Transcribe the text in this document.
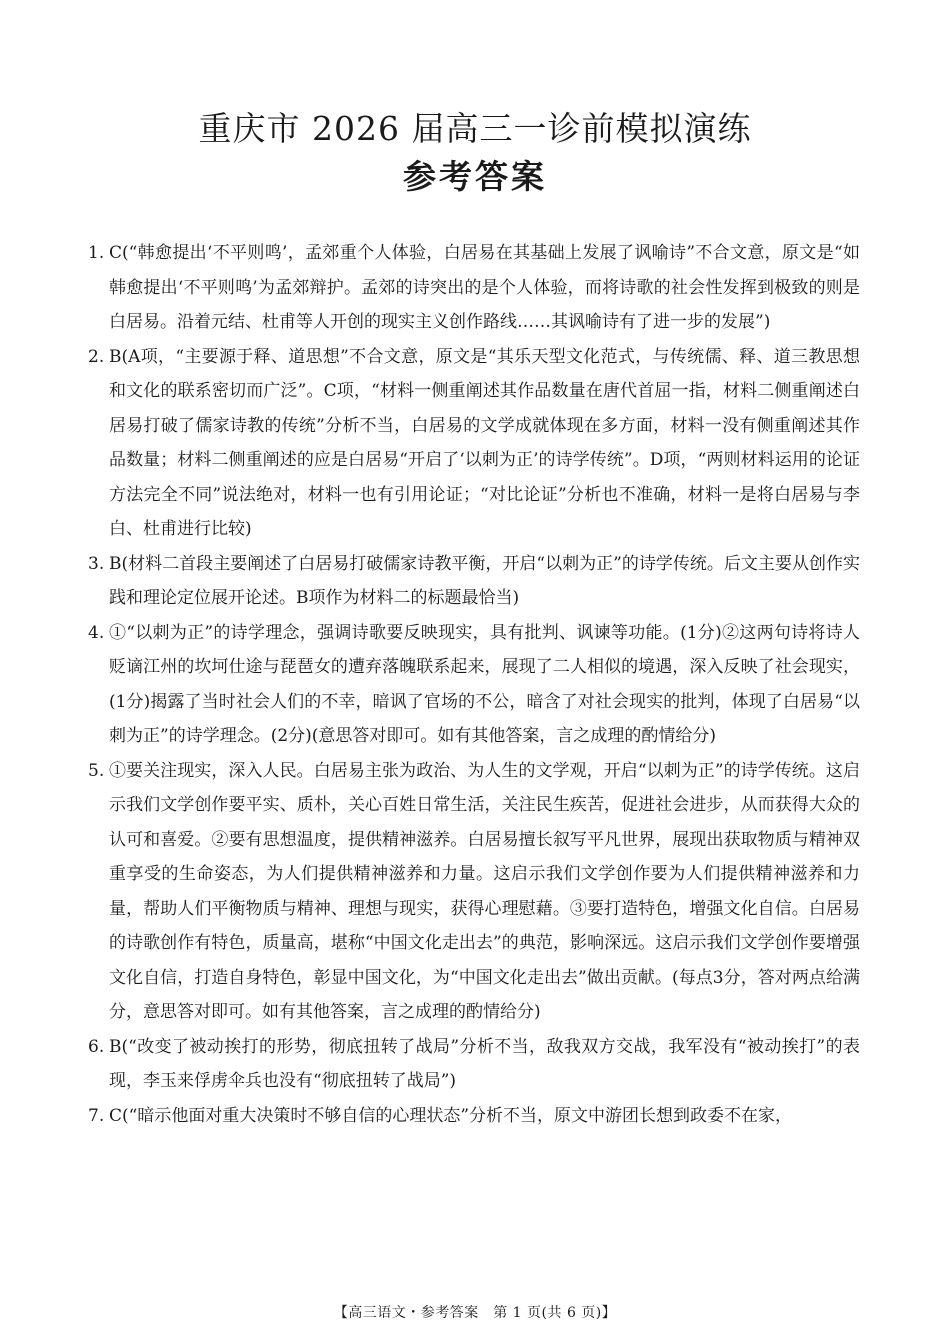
重庆市 2026 届高三一诊前模拟演练
参考答案
1. C(“韩愈提出‘不平则鸣’，孟郊重个人体验，白居易在其基础上发展了讽喻诗”不合文意，原文是“如韩愈提出‘不平则鸣’为孟郊辩护。孟郊的诗突出的是个人体验，而将诗歌的社会性发挥到极致的则是白居易。沿着元结、杜甫等人开创的现实主义创作路线……其讽喻诗有了进一步的发展”)
2. B(A项，“主要源于释、道思想”不合文意，原文是“其乐天型文化范式，与传统儒、释、道三教思想和文化的联系密切而广泛”。C项，“材料一侧重阐述其作品数量在唐代首屈一指，材料二侧重阐述白居易打破了儒家诗教的传统”分析不当，白居易的文学成就体现在多方面，材料一没有侧重阐述其作品数量；材料二侧重阐述的应是白居易“开启了‘以刺为正’的诗学传统”。D项，“两则材料运用的论证方法完全不同”说法绝对，材料一也有引用论证；“对比论证”分析也不准确，材料一是将白居易与李白、杜甫进行比较)
3. B(材料二首段主要阐述了白居易打破儒家诗教平衡，开启“以刺为正”的诗学传统。后文主要从创作实践和理论定位展开论述。B项作为材料二的标题最恰当)
4. ①“以刺为正”的诗学理念，强调诗歌要反映现实，具有批判、讽谏等功能。(1分)②这两句诗将诗人贬谪江州的坎坷仕途与琵琶女的遭弃落魄联系起来，展现了二人相似的境遇，深入反映了社会现实，(1分)揭露了当时社会人们的不幸，暗讽了官场的不公，暗含了对社会现实的批判，体现了白居易“以刺为正”的诗学理念。(2分)(意思答对即可。如有其他答案，言之成理的酌情给分)
5. ①要关注现实，深入人民。白居易主张为政治、为人生的文学观，开启“以刺为正”的诗学传统。这启示我们文学创作要平实、质朴，关心百姓日常生活，关注民生疾苦，促进社会进步，从而获得大众的认可和喜爱。②要有思想温度，提供精神滋养。白居易擅长叙写平凡世界，展现出获取物质与精神双重享受的生命姿态，为人们提供精神滋养和力量。这启示我们文学创作要为人们提供精神滋养和力量，帮助人们平衡物质与精神、理想与现实，获得心理慰藉。③要打造特色，增强文化自信。白居易的诗歌创作有特色，质量高，堪称“中国文化走出去”的典范，影响深远。这启示我们文学创作要增强文化自信，打造自身特色，彰显中国文化，为“中国文化走出去”做出贡献。(每点3分，答对两点给满分，意思答对即可。如有其他答案，言之成理的酌情给分)
6. B(“改变了被动挨打的形势，彻底扭转了战局”分析不当，敌我双方交战，我军没有“被动挨打”的表现，李玉来俘虏伞兵也没有“彻底扭转了战局”)
7. C(“暗示他面对重大决策时不够自信的心理状态”分析不当，原文中游团长想到政委不在家，
【高三语文・参考答案　第 1 页(共 6 页)】
